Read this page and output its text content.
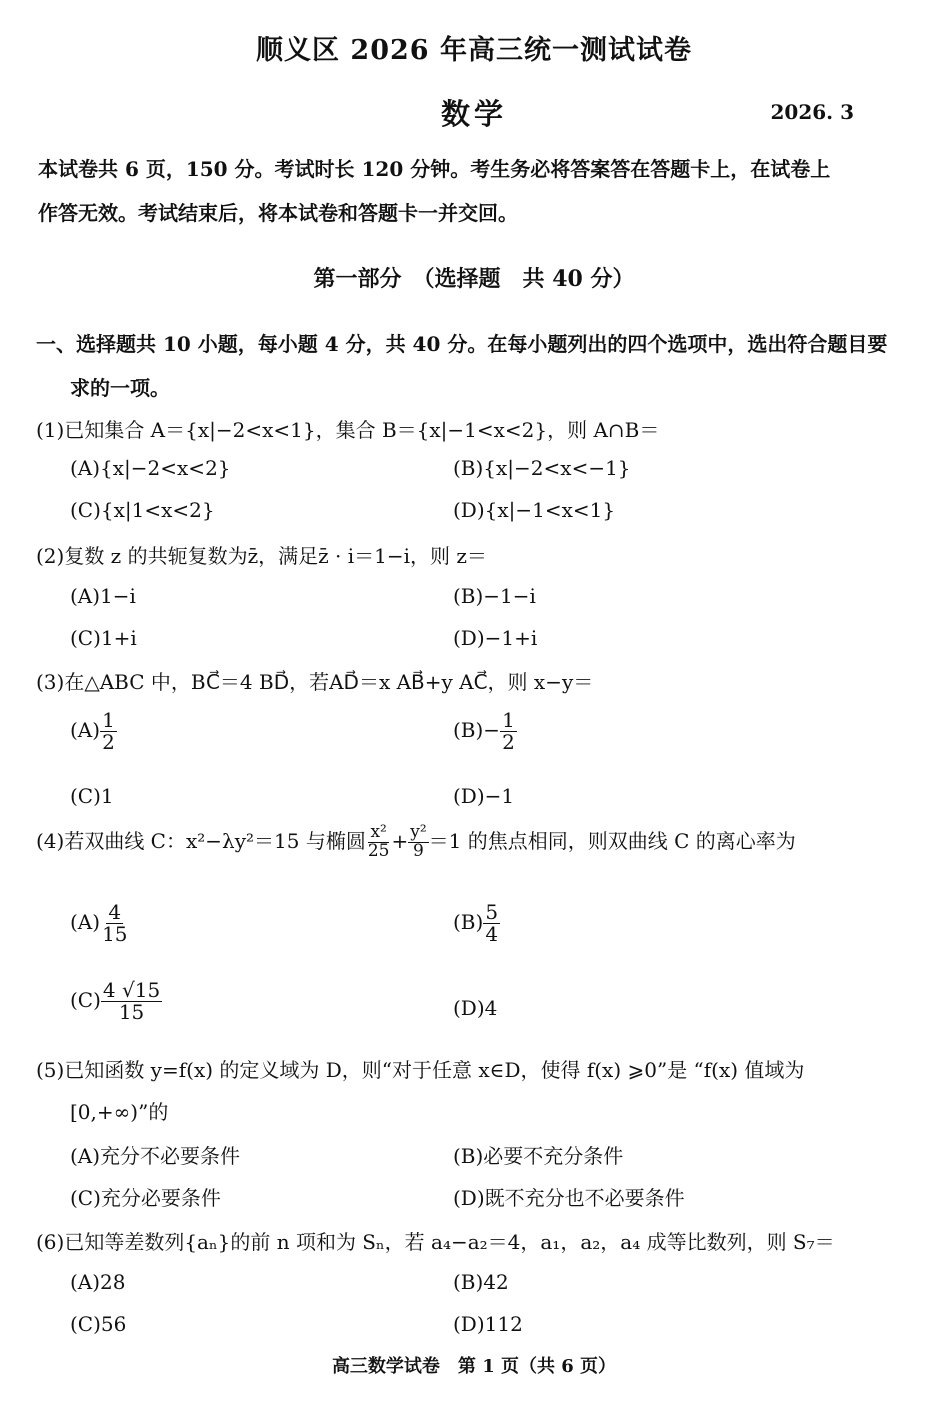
顺义区 2026 年高三统一测试试卷
数学	2026. 3
本试卷共 6 页，150 分。考试时长 120 分钟。考生务必将答案答在答题卡上，在试卷上
作答无效。考试结束后，将本试卷和答题卡一并交回。
第一部分　（选择题　共 40 分）
一、选择题共 10 小题，每小题 4 分，共 40 分。在每小题列出的四个选项中，选出符合题目要
求的一项。
(1)已知集合 A＝{x|−2<x<1}，集合 B＝{x|−1<x<2}，则 A∩B＝
(A){x|−2<x<2}	(B){x|−2<x<−1}
(C){x|1<x<2}	(D){x|−1<x<1}
(2)复数 z 的共轭复数为z̄，满足z̄ · i＝1−i，则 z＝
(A)1−i	(B)−1−i
(C)1+i	(D)−1+i
(3)在△ABC 中，BC⃗＝4 BD⃗，若AD⃗＝x AB⃗+y AC⃗，则 x−y＝
$(A) \frac{1}{2}$	$(B)- \frac{1}{2}$
(C)1	(D)−1
(4)若双曲线 C：x²−λy²＝15 与椭圆 $\frac{\text{x²}}{25} + \frac{\text{y²}}{9} =1$ 的焦点相同，则双曲线 C 的离心率为
$(A) \frac{4}{15}$	$(B) \frac{5}{4}$
$(C) \frac{4 √15}{15}$	(D)4
(5)已知函数 y=f(x) 的定义域为 D，则“对于任意 x∈D，使得 f(x) ⩾0”是 “f(x) 值域为
[0,+∞)”的
(A)充分不必要条件	(B)必要不充分条件
(C)充分必要条件	(D)既不充分也不必要条件
(6)已知等差数列{aₙ}的前 n 项和为 Sₙ，若 a₄−a₂＝4，a₁，a₂，a₄ 成等比数列，则 S₇＝
(A)28	(B)42
(C)56	(D)112
高三数学试卷　第 1 页（共 6 页）
